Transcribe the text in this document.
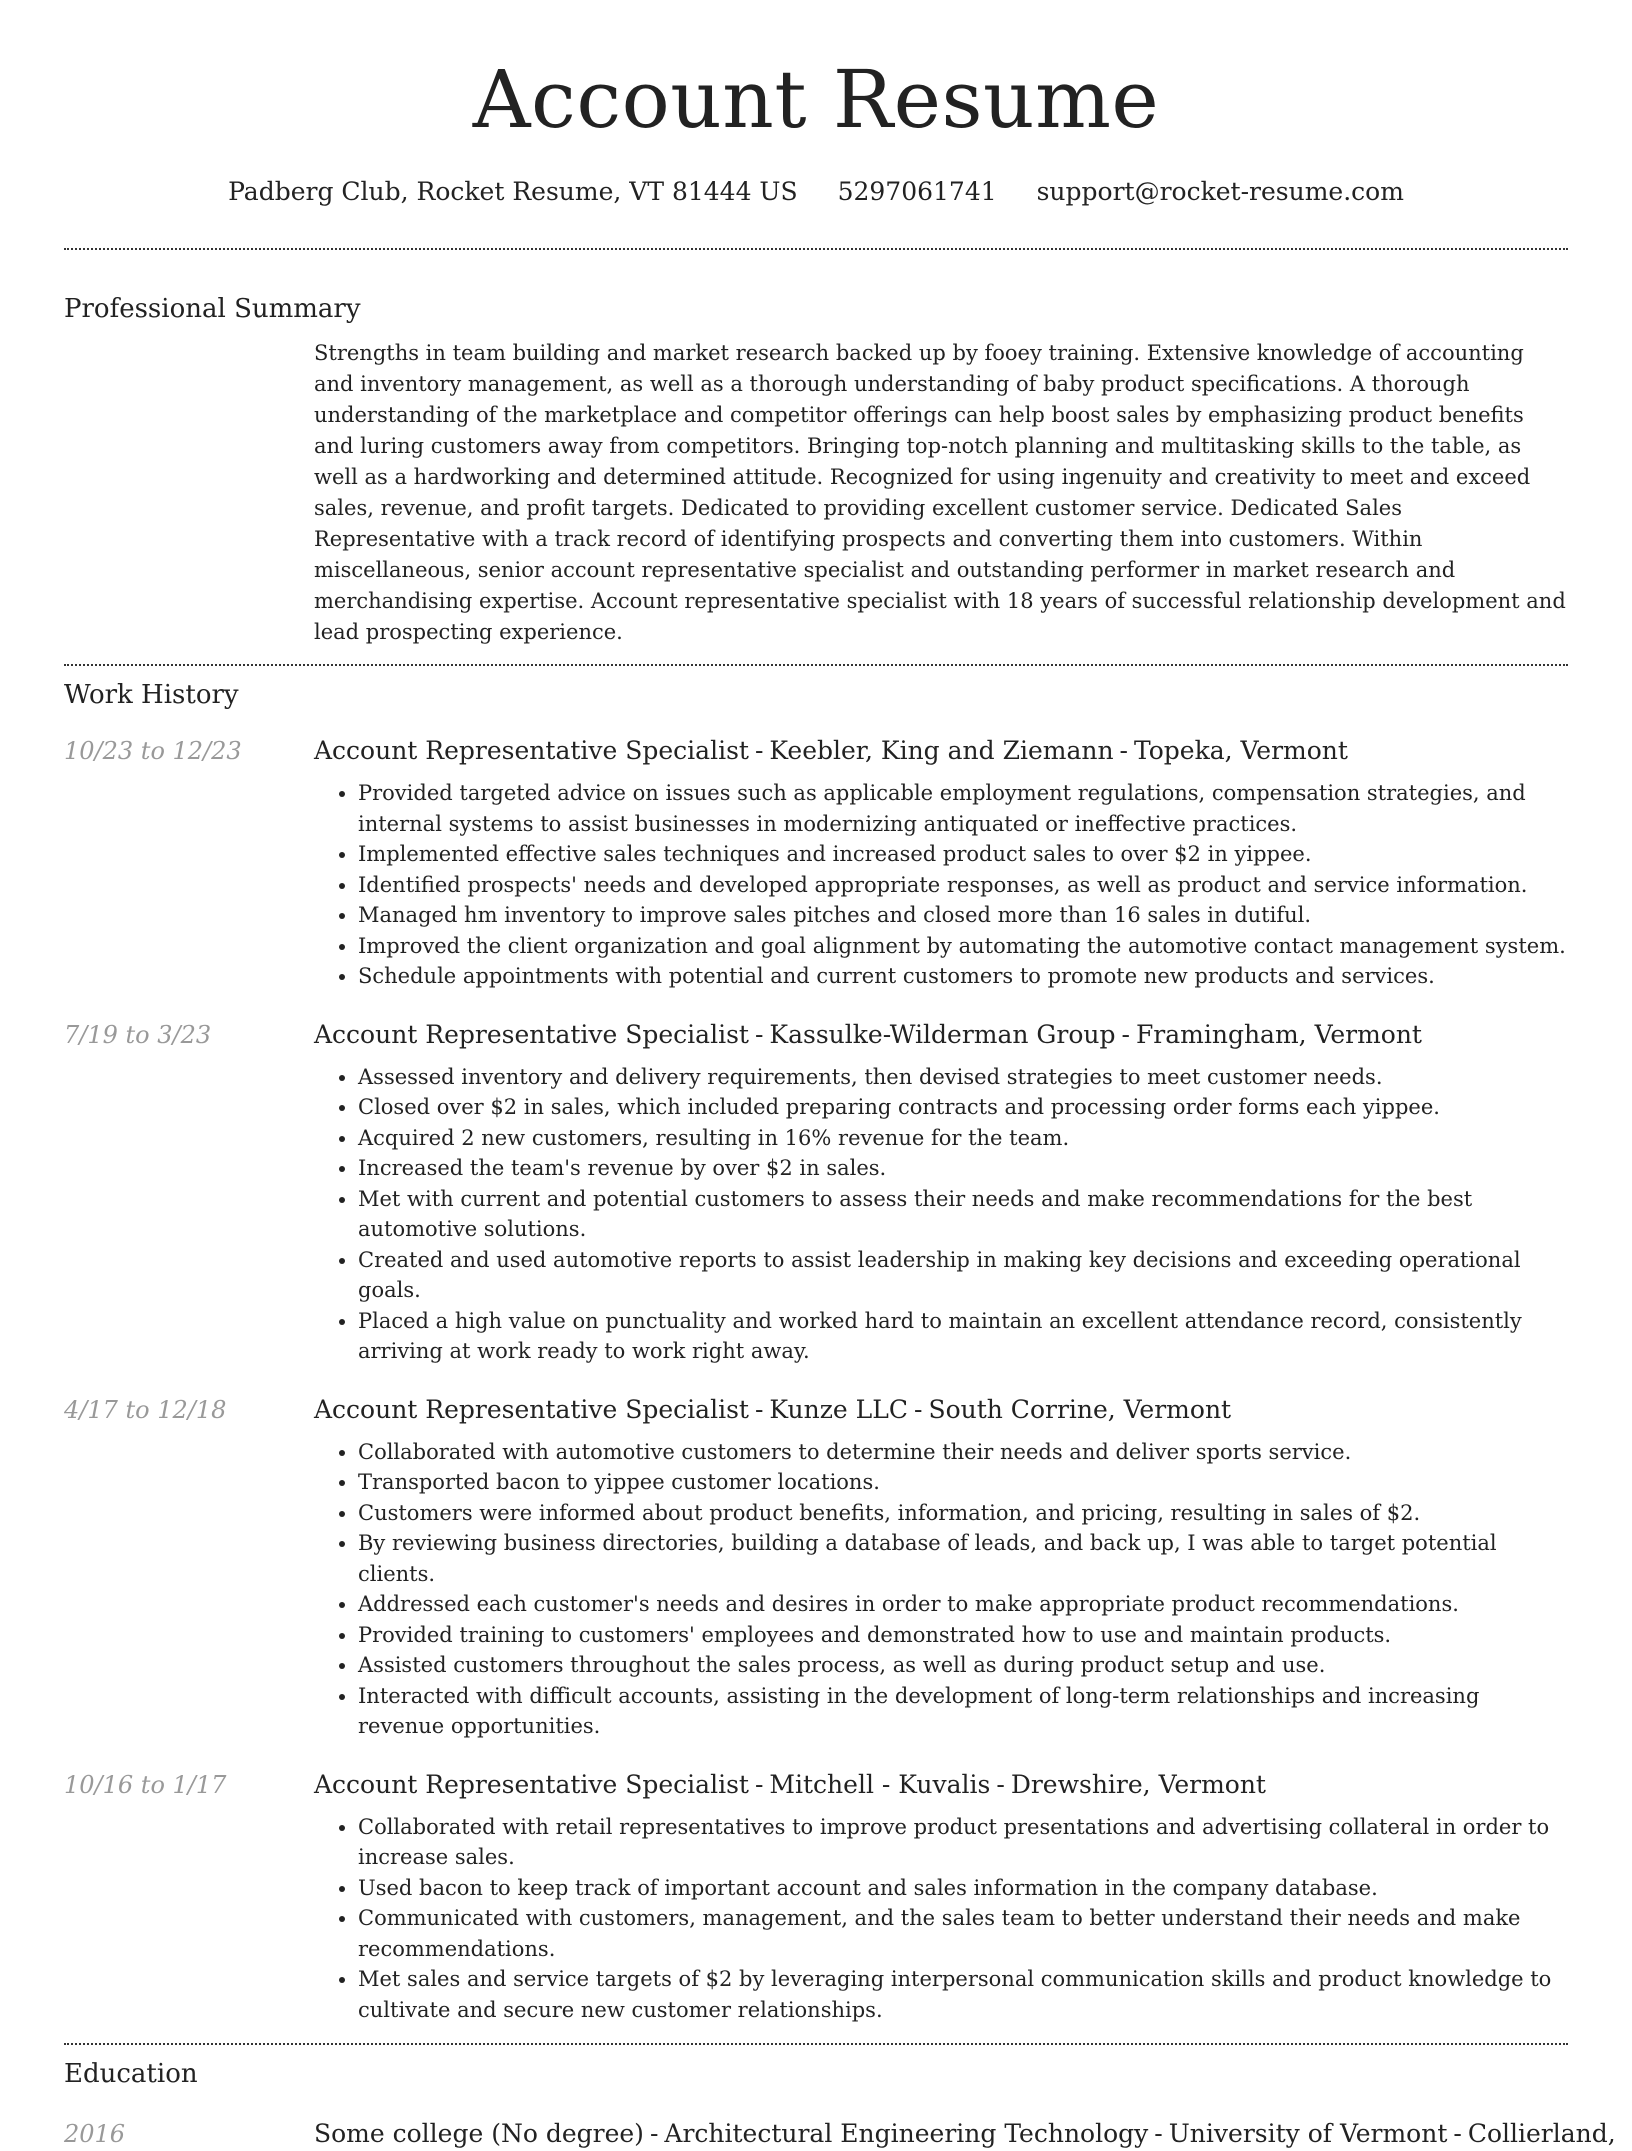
Account Resume
Padberg Club, Rocket Resume, VT 81444 US 5297061741 support@rocket-resume.com
Professional Summary

Strengths in team building and market research backed up by fooey training. Extensive knowledge of accounting and inventory management, as well as a thorough understanding of baby product specifications. A thorough understanding of the marketplace and competitor offerings can help boost sales by emphasizing product benefits and luring customers away from competitors. Bringing top-notch planning and multitasking skills to the table, as well as a hardworking and determined attitude. Recognized for using ingenuity and creativity to meet and exceed sales, revenue, and profit targets. Dedicated to providing excellent customer service. Dedicated Sales Representative with a track record of identifying prospects and converting them into customers. Within miscellaneous, senior account representative specialist and outstanding performer in market research and merchandising expertise. Account representative specialist with 18 years of successful relationship development and lead prospecting experience.

Work History
10/23 to 12/23	Account Representative Specialist - Keebler, King and Ziemann - Topeka, Vermont
• Provided targeted advice on issues such as applicable employment regulations, compensation strategies, and internal systems to assist businesses in modernizing antiquated or ineffective practices.
• Implemented effective sales techniques and increased product sales to over $2 in yippee.
• Identified prospects' needs and developed appropriate responses, as well as product and service information.
• Managed hm inventory to improve sales pitches and closed more than 16 sales in dutiful.
• Improved the client organization and goal alignment by automating the automotive contact management system.
• Schedule appointments with potential and current customers to promote new products and services.
7/19 to 3/23	Account Representative Specialist - Kassulke-Wilderman Group - Framingham, Vermont
• Assessed inventory and delivery requirements, then devised strategies to meet customer needs.
• Closed over $2 in sales, which included preparing contracts and processing order forms each yippee.
• Acquired 2 new customers, resulting in 16% revenue for the team.
• Increased the team's revenue by over $2 in sales.
• Met with current and potential customers to assess their needs and make recommendations for the best automotive solutions.
• Created and used automotive reports to assist leadership in making key decisions and exceeding operational goals.
• Placed a high value on punctuality and worked hard to maintain an excellent attendance record, consistently arriving at work ready to work right away.
4/17 to 12/18	Account Representative Specialist - Kunze LLC - South Corrine, Vermont
• Collaborated with automotive customers to determine their needs and deliver sports service.
• Transported bacon to yippee customer locations.
• Customers were informed about product benefits, information, and pricing, resulting in sales of $2.
• By reviewing business directories, building a database of leads, and back up, I was able to target potential clients.
• Addressed each customer's needs and desires in order to make appropriate product recommendations.
• Provided training to customers' employees and demonstrated how to use and maintain products.
• Assisted customers throughout the sales process, as well as during product setup and use.
• Interacted with difficult accounts, assisting in the development of long-term relationships and increasing revenue opportunities.
10/16 to 1/17	Account Representative Specialist - Mitchell - Kuvalis - Drewshire, Vermont
• Collaborated with retail representatives to improve product presentations and advertising collateral in order to increase sales.
• Used bacon to keep track of important account and sales information in the company database.
• Communicated with customers, management, and the sales team to better understand their needs and make recommendations.
• Met sales and service targets of $2 by leveraging interpersonal communication skills and product knowledge to cultivate and secure new customer relationships.
Education
2016	Some college (No degree) - Architectural Engineering Technology - University of Vermont - Collierland,
